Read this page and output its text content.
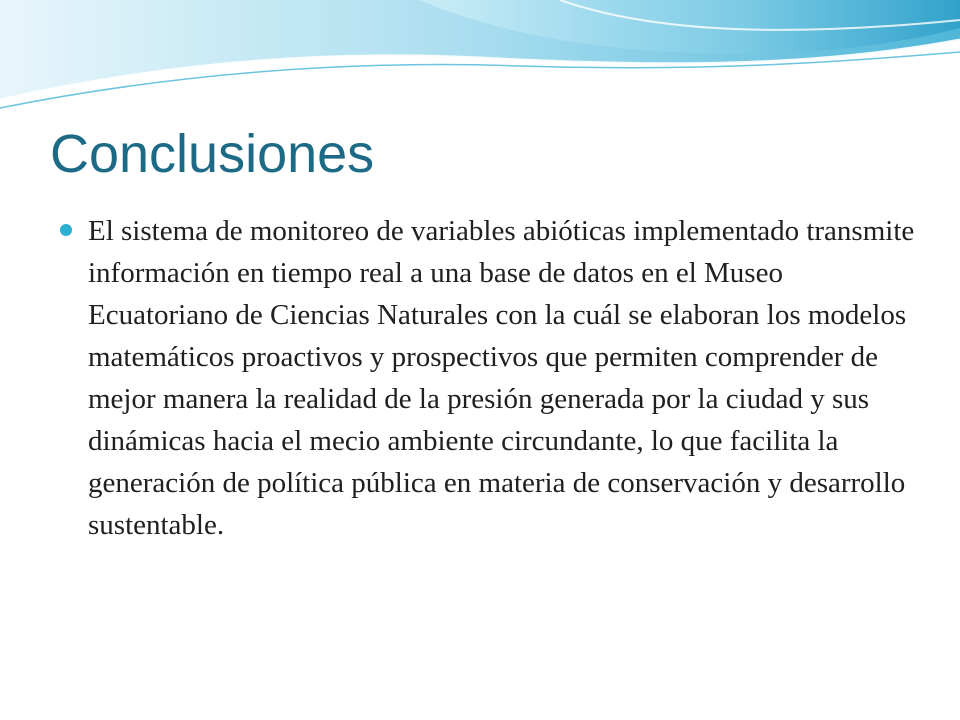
Conclusiones
El sistema de monitoreo de variables abióticas implementado transmite información en tiempo real a una base de datos en el Museo Ecuatoriano de Ciencias Naturales con la cuál se elaboran los modelos matemáticos proactivos y prospectivos que permiten comprender de mejor manera la realidad de la presión generada por la ciudad y sus dinámicas hacia el mecio ambiente circundante, lo que facilita la generación de política pública en materia de conservación y desarrollo sustentable.
